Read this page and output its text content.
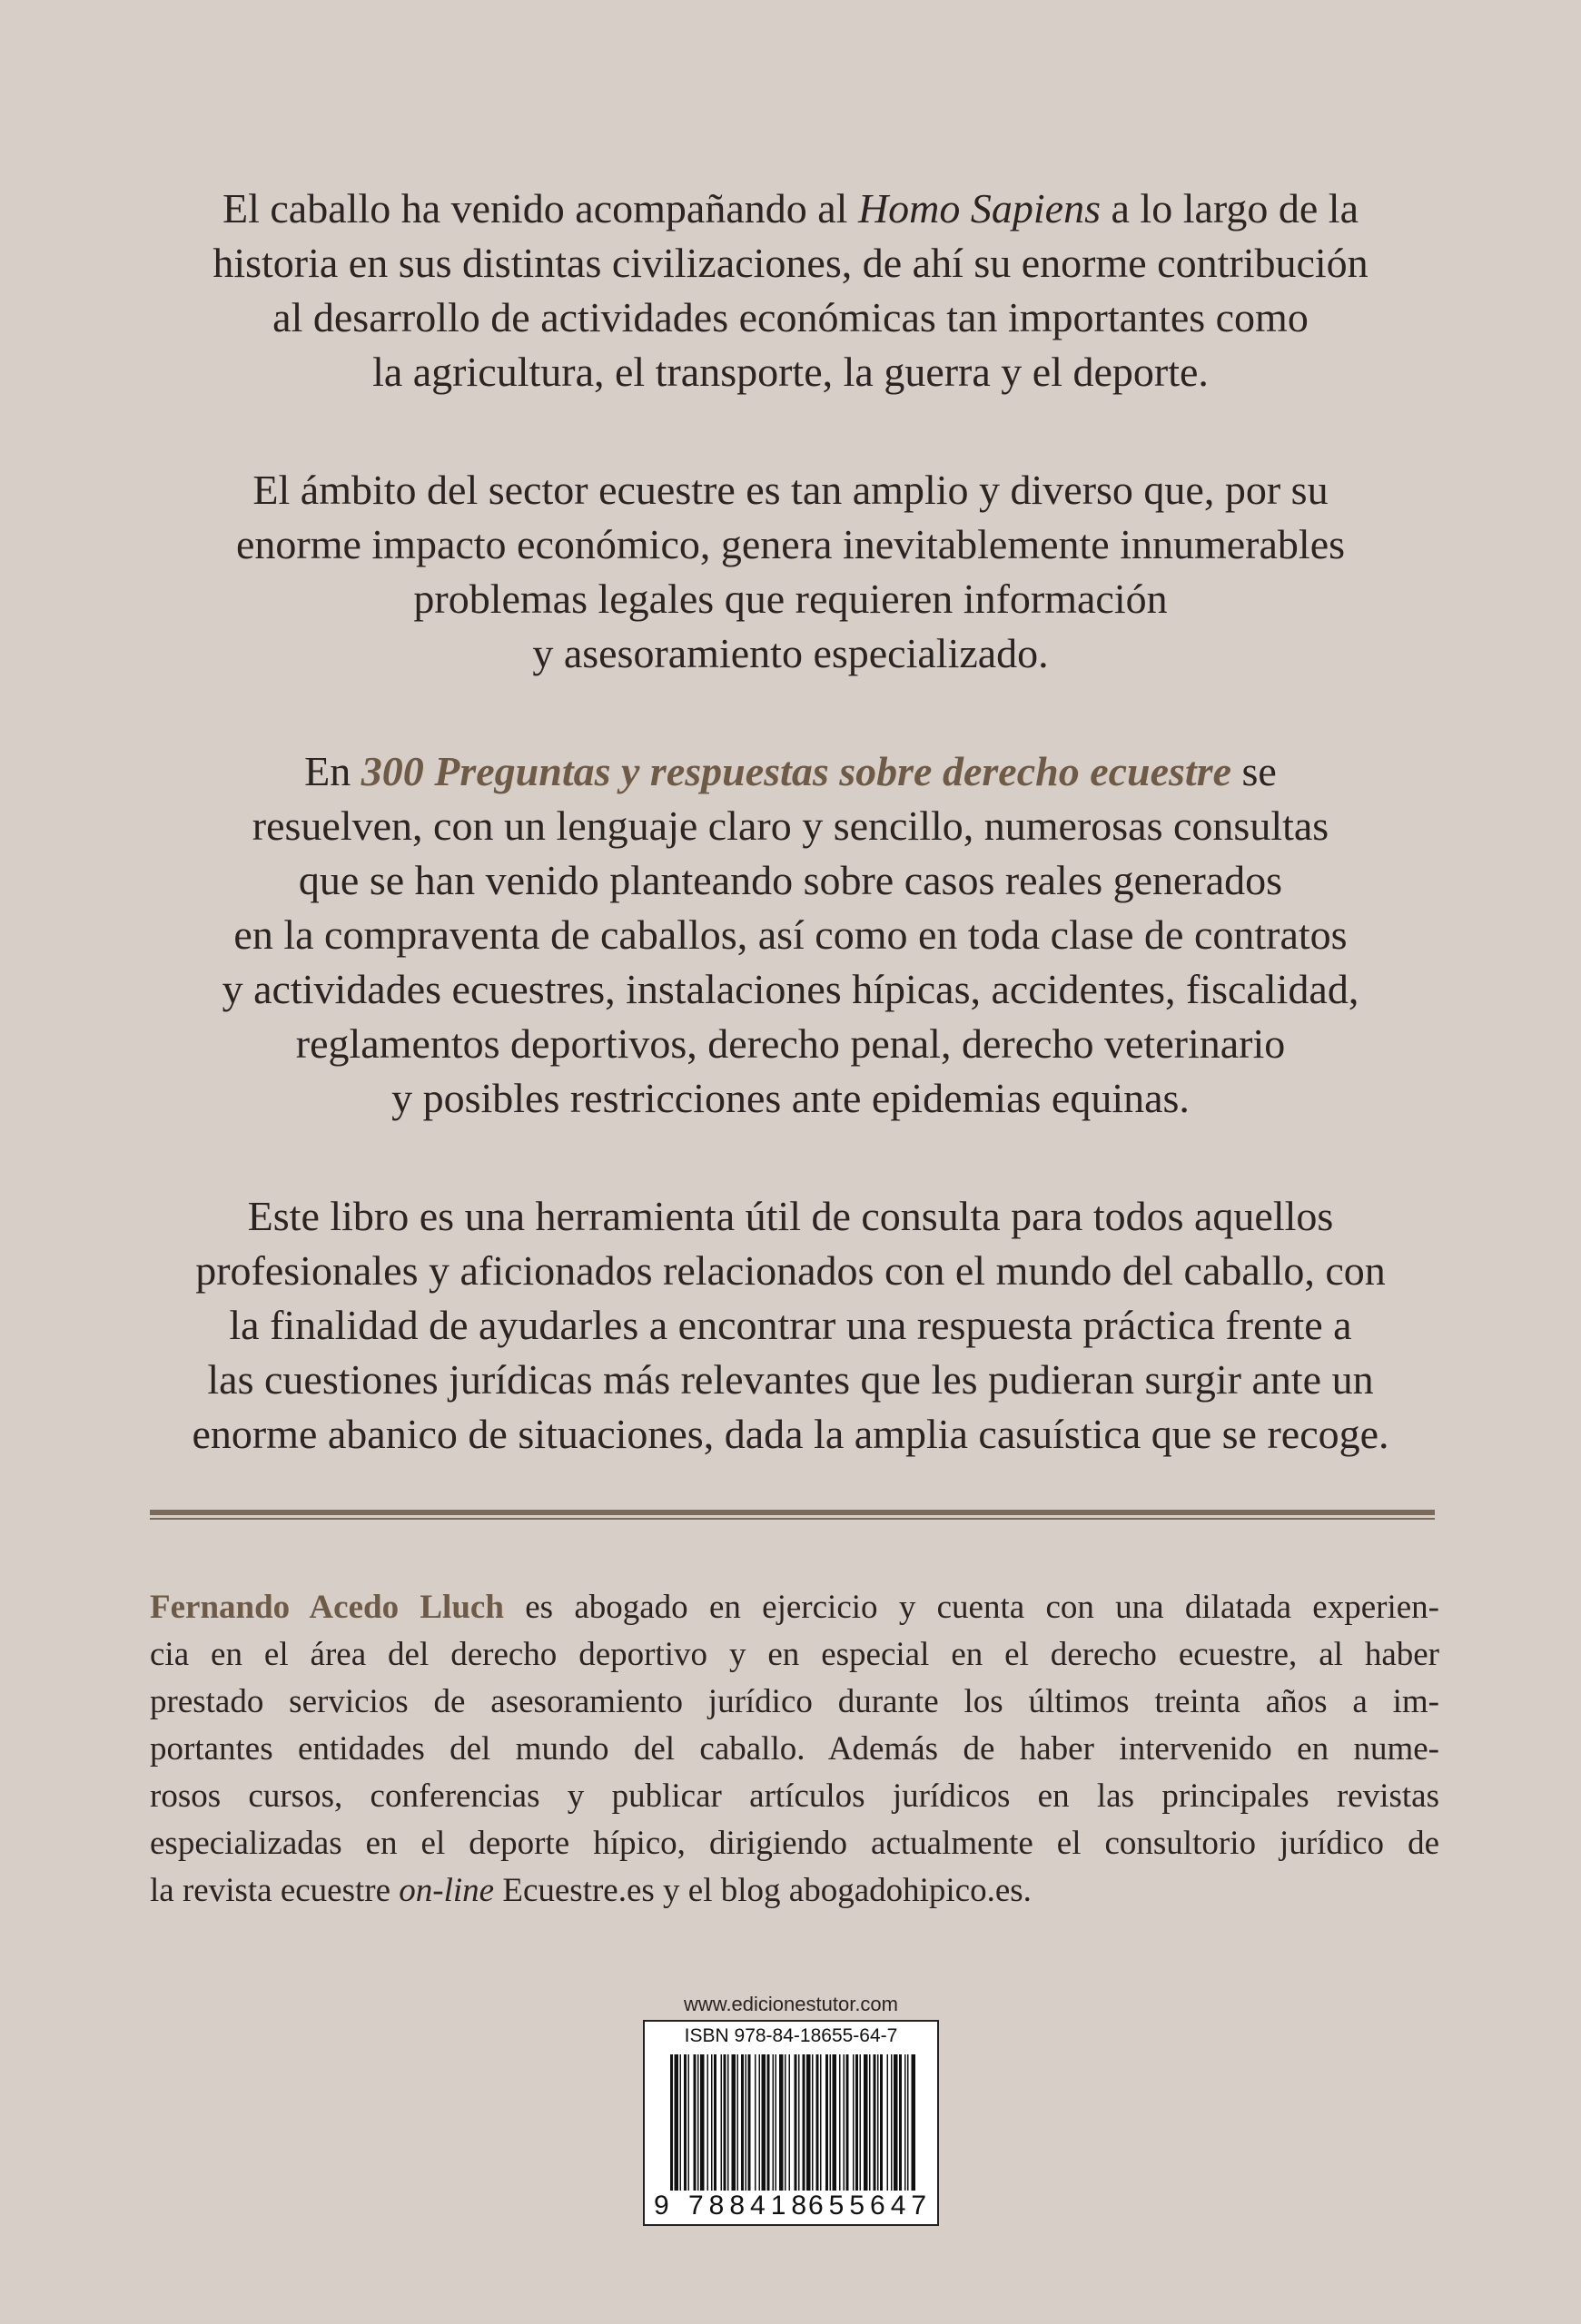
El caballo ha venido acompañando al Homo Sapiens a lo largo de la
historia en sus distintas civilizaciones, de ahí su enorme contribución
al desarrollo de actividades económicas tan importantes como
la agricultura, el transporte, la guerra y el deporte.

El ámbito del sector ecuestre es tan amplio y diverso que, por su
enorme impacto económico, genera inevitablemente innumerables
problemas legales que requieren información
y asesoramiento especializado.

En 300 Preguntas y respuestas sobre derecho ecuestre se
resuelven, con un lenguaje claro y sencillo, numerosas consultas
que se han venido planteando sobre casos reales generados
en la compraventa de caballos, así como en toda clase de contratos
y actividades ecuestres, instalaciones hípicas, accidentes, fiscalidad,
reglamentos deportivos, derecho penal, derecho veterinario
y posibles restricciones ante epidemias equinas.

Este libro es una herramienta útil de consulta para todos aquellos
profesionales y aficionados relacionados con el mundo del caballo, con
la finalidad de ayudarles a encontrar una respuesta práctica frente a
las cuestiones jurídicas más relevantes que les pudieran surgir ante un
enorme abanico de situaciones, dada la amplia casuística que se recoge.

Fernando Acedo Lluch es abogado en ejercicio y cuenta con una dilatada experien-
cia en el área del derecho deportivo y en especial en el derecho ecuestre, al haber
prestado servicios de asesoramiento jurídico durante los últimos treinta años a im-
portantes entidades del mundo del caballo. Además de haber intervenido en nume-
rosos cursos, conferencias y publicar artículos jurídicos en las principales revistas
especializadas en el deporte hípico, dirigiendo actualmente el consultorio jurídico de
la revista ecuestre on-line Ecuestre.es y el blog abogadohipico.es.
www.edicionestutor.com
ISBN 978-84-18655-64-7
9 788418
655647
